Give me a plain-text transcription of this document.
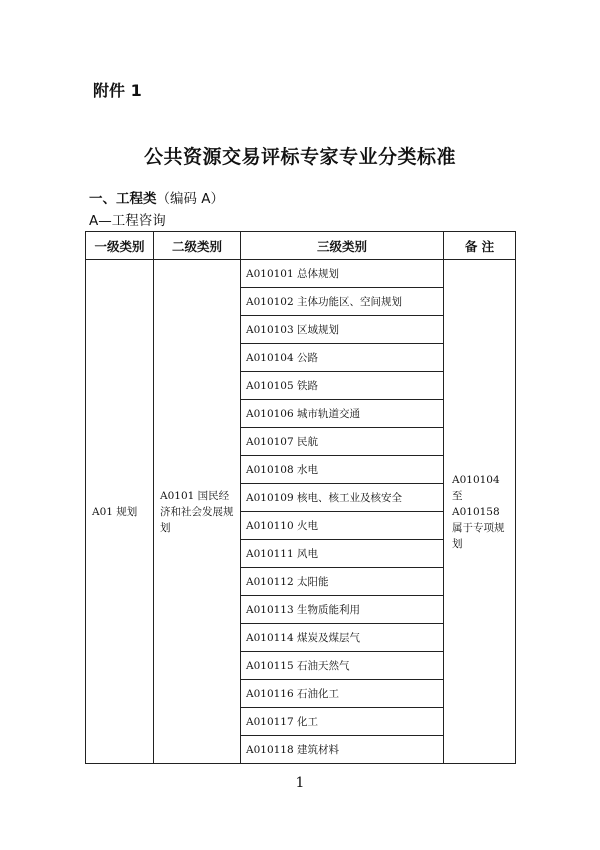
附件 1
公共资源交易评标专家专业分类标准
一、工程类（编码 A）
A—工程咨询
一级类别	二级类别	三级类别	备 注
A01 规划	A0101 国民经济和社会发展规划	A010101 总体规划	A010104 至 A010158 属于专项规划
		A010102 主体功能区、空间规划	
		A010103 区域规划	
		A010104 公路	
		A010105 铁路	
		A010106 城市轨道交通	
		A010107 民航	
		A010108 水电	
		A010109 核电、核工业及核安全	
		A010110 火电	
		A010111 风电	
		A010112 太阳能	
		A010113 生物质能利用	
		A010114 煤炭及煤层气	
		A010115 石油天然气	
		A010116 石油化工	
		A010117 化工	
		A010118 建筑材料	
1
